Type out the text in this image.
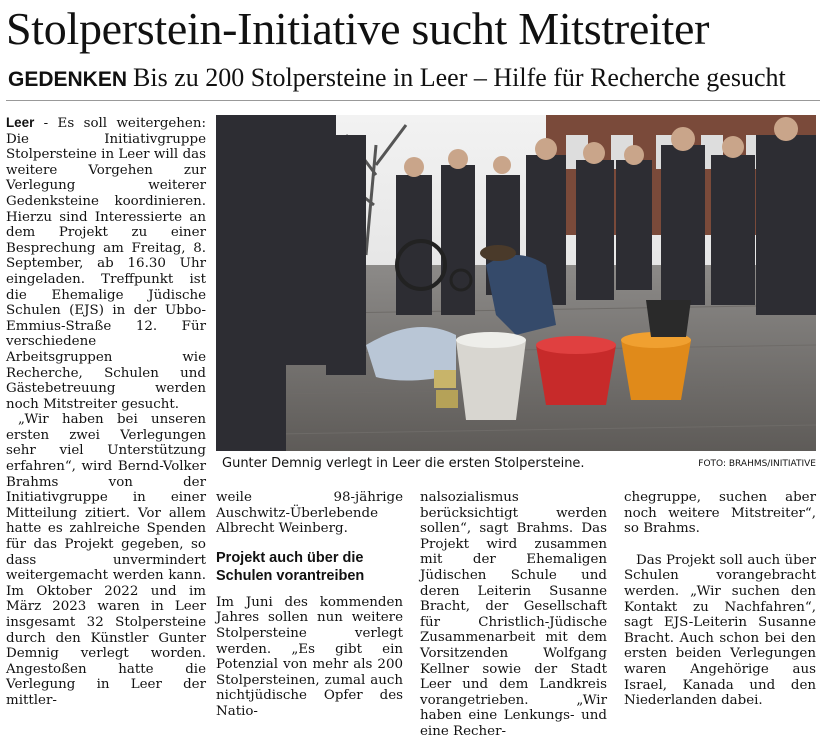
Stolperstein-Initiative sucht Mitstreiter
GEDENKEN Bis zu 200 Stolpersteine in Leer – Hilfe für Recherche gesucht

Leer - Es soll weitergehen: Die Initiativgruppe Stolpersteine in Leer will das weitere Vorgehen zur Verlegung weiterer Gedenksteine koordinieren. Hierzu sind Interessierte an dem Projekt zu einer Besprechung am Freitag, 8. September, ab 16.30 Uhr eingeladen. Treffpunkt ist die Ehemalige Jüdische Schulen (EJS) in der Ubbo-Emmius-Straße 12. Für verschiedene Arbeitsgruppen wie Recherche, Schulen und Gästebetreuung werden noch Mitstreiter gesucht.

„Wir haben bei unseren ersten zwei Verlegungen sehr viel Unterstützung erfahren“, wird Bernd-Volker Brahms von der Initiativgruppe in einer Mitteilung zitiert. Vor allem hatte es zahlreiche Spenden für das Projekt gegeben, so dass unvermindert weitergemacht werden kann. Im Oktober 2022 und im März 2023 waren in Leer insgesamt 32 Stolpersteine durch den Künstler Gunter Demnig verlegt worden. Angestoßen hatte die Verlegung in Leer der mittler-

Gunter Demnig verlegt in Leer die ersten Stolpersteine.	FOTO: BRAHMS/INITIATIVE

weile 98-jährige Auschwitz-Überlebende Albrecht Weinberg.

Projekt auch über die Schulen vorantreiben

Im Juni des kommenden Jahres sollen nun weitere Stolpersteine verlegt werden. „Es gibt ein Potenzial von mehr als 200 Stolpersteinen, zumal auch nichtjüdische Opfer des Natio-

nalsozialismus berücksichtigt werden sollen“, sagt Brahms. Das Projekt wird zusammen mit der Ehemaligen Jüdischen Schule und deren Leiterin Susanne Bracht, der Gesellschaft für Christlich-Jüdische Zusammenarbeit mit dem Vorsitzenden Wolfgang Kellner sowie der Stadt Leer und dem Landkreis vorangetrieben. „Wir haben eine Lenkungs- und eine Recher-

chegruppe, suchen aber noch weitere Mitstreiter“, so Brahms.

Das Projekt soll auch über Schulen vorangebracht werden. „Wir suchen den Kontakt zu Nachfahren“, sagt EJS-Leiterin Susanne Bracht. Auch schon bei den ersten beiden Verlegungen waren Angehörige aus Israel, Kanada und den Niederlanden dabei.
